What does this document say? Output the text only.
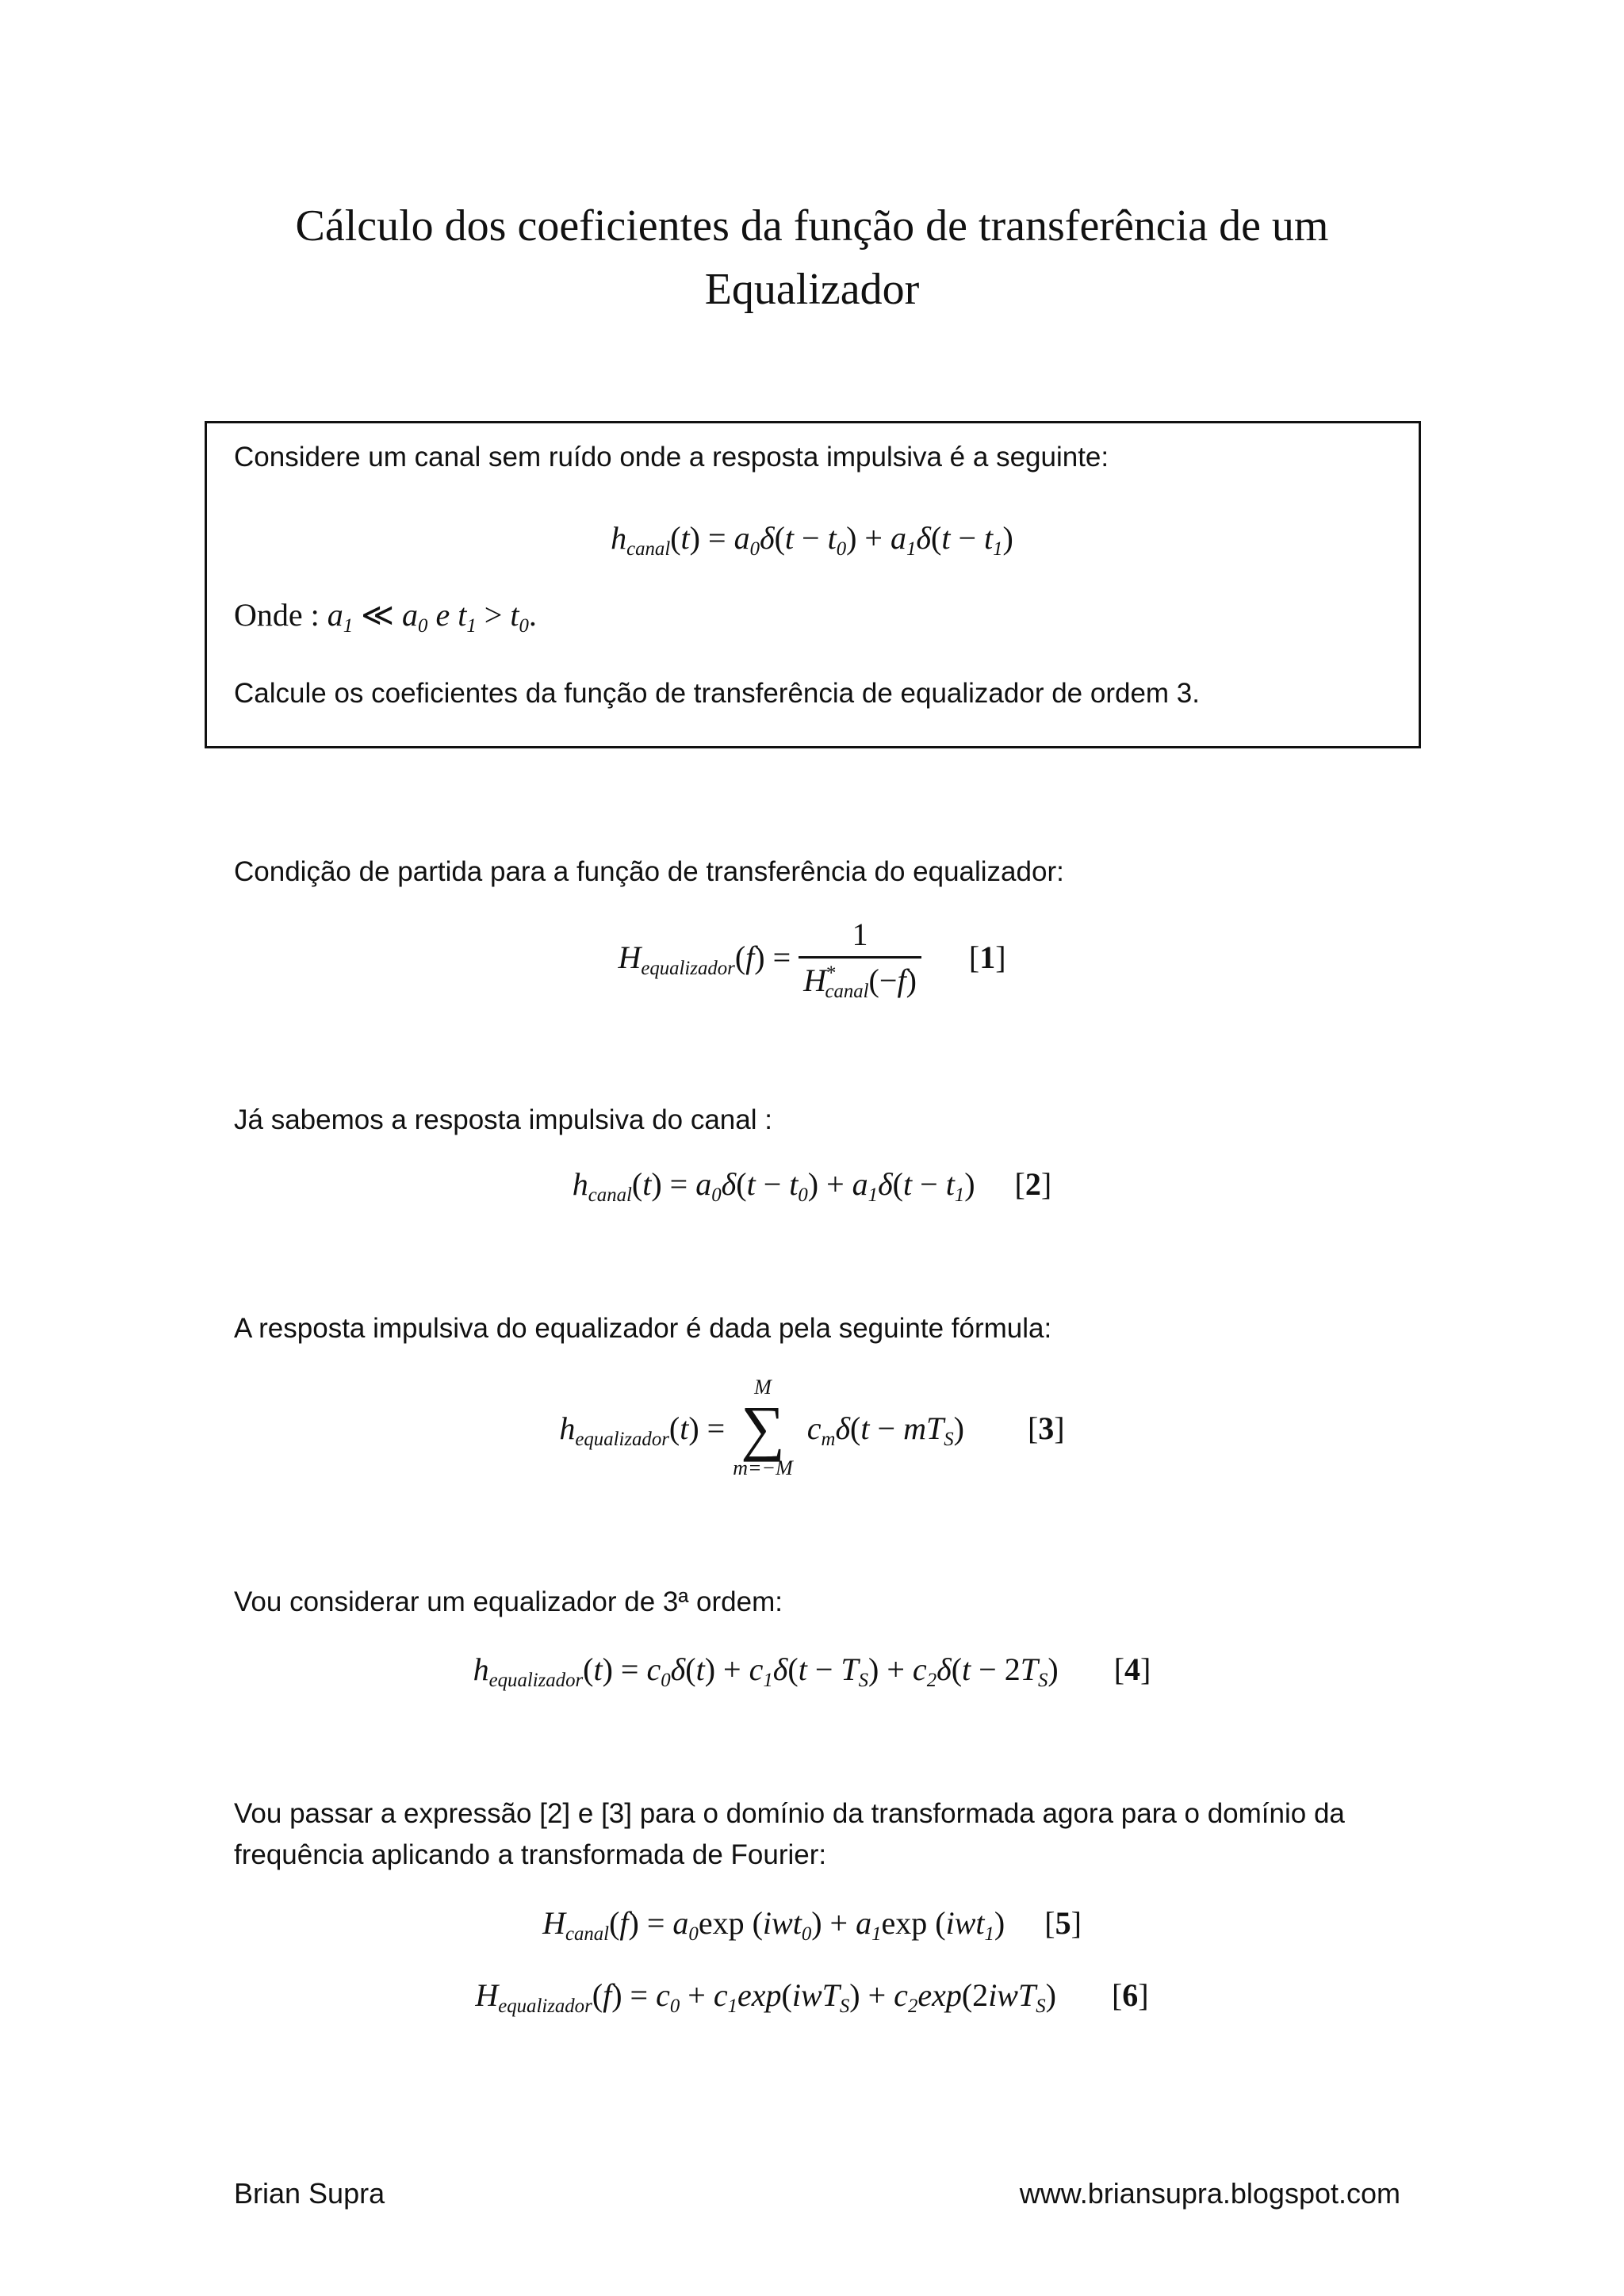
Cálculo dos coeficientes da função de transferência de um
Equalizador
Considere um canal sem ruído onde a resposta impulsiva é a seguinte:
$h_{canal}(t) = a_0\delta(t - t_0) + a_1\delta(t - t_1)$
Onde : $a_1$ ≪ $a_0$ e $t_1 > t_0$.
Calcule os coeficientes da função de transferência de equalizador de ordem 3.
Condição de partida para a função de transferência do equalizador:
$H_{equalizador}(f) = \frac{1}{H^*_{canal}(-f)} [1]$
Já sabemos a resposta impulsiva do canal :
$h_{canal}(t) = a_0\delta(t - t_0) + a_1\delta(t - t_1)$ [2]
A resposta impulsiva do equalizador é dada pela seguinte fórmula:
$h_{equalizador}(t)$ =
M
∑
m=−M
$c_m\delta(t - mT_S)$ [3]
Vou considerar um equalizador de 3ª ordem:
$h_{equalizador}(t) = c_0\delta(t) + c_1\delta(t - T_S) + c_2\delta(t - 2T_S)$ [4]
Vou passar a expressão [2] e [3] para o domínio da transformada agora para o domínio da
frequência aplicando a transformada de Fourier:
$H_{canal}(f) = a_0\exp$ $(iwt_0) + a_1\exp$ (iwt$_1$) [5]
$H_{equalizador}(f) = c_0 + c_1\exp(iwT_S) + c_2\exp(2iwT_S)$ [6]
Brian Supra	www.briansupra.blogspot.com
